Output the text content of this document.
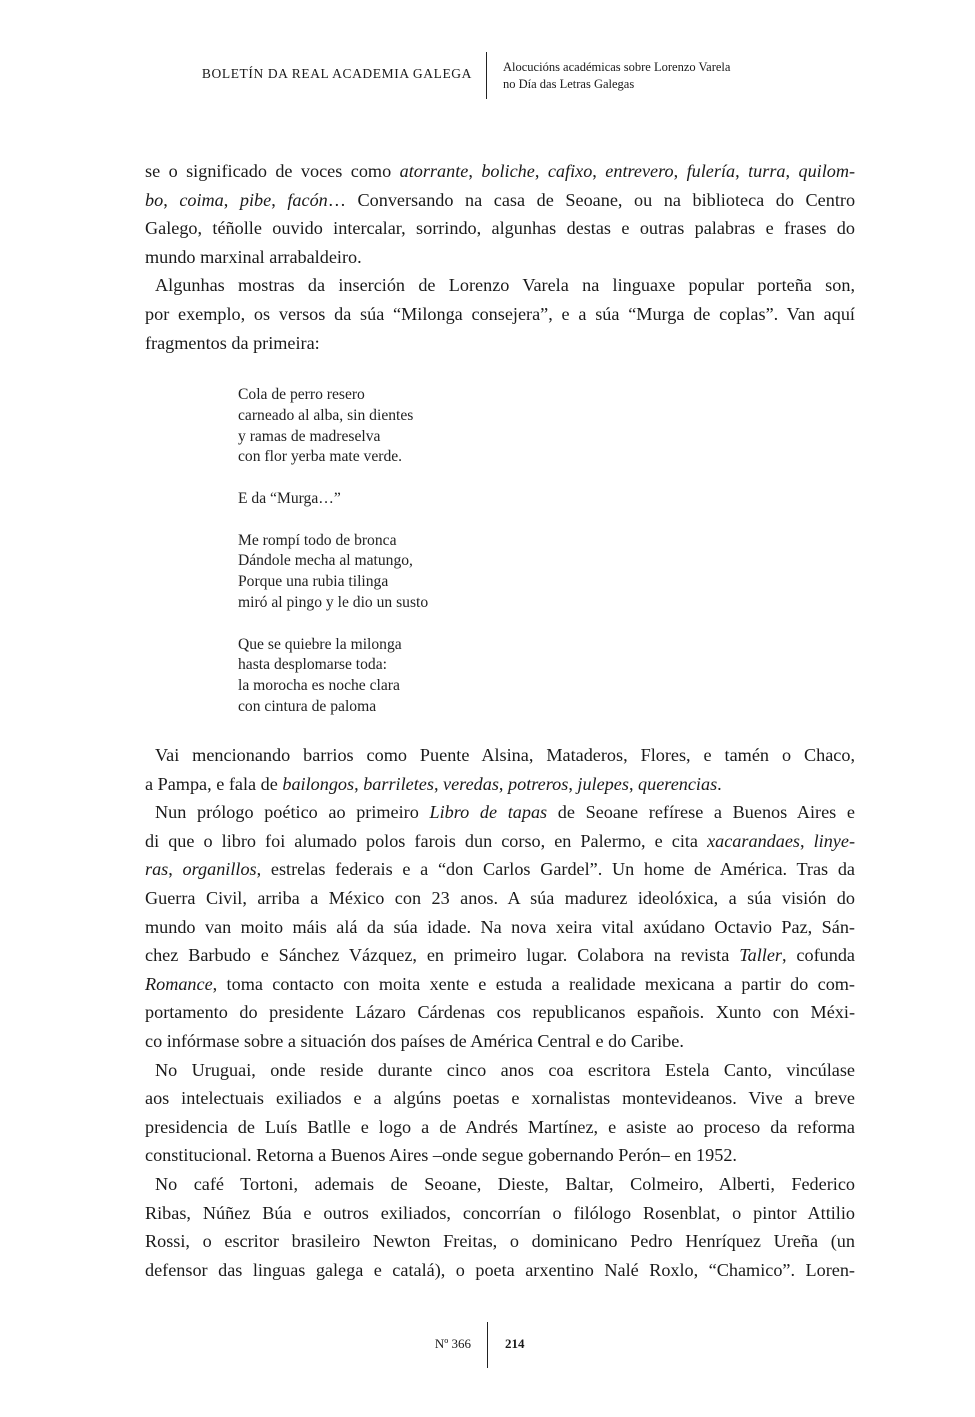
BOLETÍN DA REAL ACADEMIA GALEGA Alocucións académicas sobre Lorenzo Varela
no Día das Letras Galegas

se o significado de voces como atorrante, boliche, cafixo, entrevero, fulería, turra, quilom-
bo, coima, pibe, facón… Conversando na casa de Seoane, ou na biblioteca do Centro
Galego, téñolle ouvido intercalar, sorrindo, algunhas destas e outras palabras e frases do
mundo marxinal arrabaldeiro.

Algunhas mostras da inserción de Lorenzo Varela na linguaxe popular porteña son,
por exemplo, os versos da súa “Milonga consejera”, e a súa “Murga de coplas”. Van aquí
fragmentos da primeira:

Cola de perro resero
carneado al alba, sin dientes
y ramas de madreselva
con flor yerba mate verde.
E da “Murga…”
Me rompí todo de bronca
Dándole mecha al matungo,
Porque una rubia tilinga
miró al pingo y le dio un susto
Que se quiebre la milonga
hasta desplomarse toda:
la morocha es noche clara
con cintura de paloma

Vai mencionando barrios como Puente Alsina, Mataderos, Flores, e tamén o Chaco,
a Pampa, e fala de bailongos, barriletes, veredas, potreros, julepes, querencias.

Nun prólogo poético ao primeiro Libro de tapas de Seoane refírese a Buenos Aires e
di que o libro foi alumado polos farois dun corso, en Palermo, e cita xacarandaes, linye-
ras, organillos, estrelas federais e a “don Carlos Gardel”. Un home de América. Tras da
Guerra Civil, arriba a México con 23 anos. A súa madurez ideolóxica, a súa visión do
mundo van moito máis alá da súa idade. Na nova xeira vital axúdano Octavio Paz, Sán-
chez Barbudo e Sánchez Vázquez, en primeiro lugar. Colabora na revista Taller, cofunda
Romance, toma contacto con moita xente e estuda a realidade mexicana a partir do com-
portamento do presidente Lázaro Cárdenas cos republicanos españois. Xunto con Méxi-
co infórmase sobre a situación dos países de América Central e do Caribe.

No Uruguai, onde reside durante cinco anos coa escritora Estela Canto, vincúlase
aos intelectuais exiliados e a algúns poetas e xornalistas montevideanos. Vive a breve
presidencia de Luís Batlle e logo a de Andrés Martínez, e asiste ao proceso da reforma
constitucional. Retorna a Buenos Aires –onde segue gobernando Perón– en 1952.

No café Tortoni, ademais de Seoane, Dieste, Baltar, Colmeiro, Alberti, Federico
Ribas, Núñez Búa e outros exiliados, concorrían o filólogo Rosenblat, o pintor Attilio
Rossi, o escritor brasileiro Newton Freitas, o dominicano Pedro Henríquez Ureña (un
defensor das linguas galega e catalá), o poeta arxentino Nalé Roxlo, “Chamico”. Loren-

Nº 366	214
